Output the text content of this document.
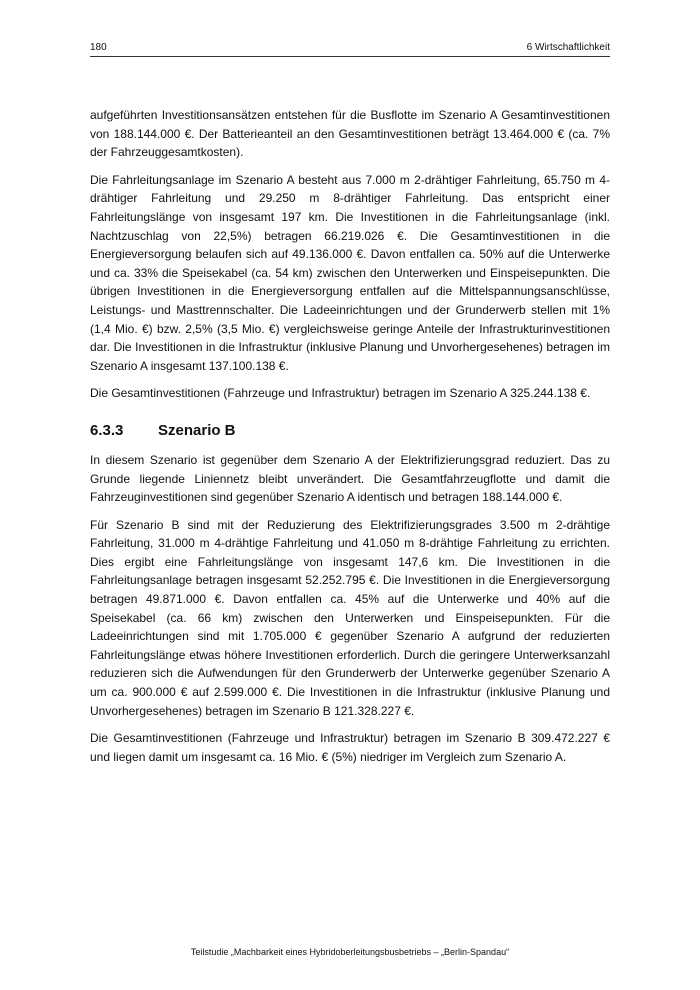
180	6 Wirtschaftlichkeit

aufgeführten Investitionsansätzen entstehen für die Busflotte im Szenario A Gesamtinvestitionen von 188.144.000 €. Der Batterieanteil an den Gesamtinvestitionen beträgt 13.464.000 € (ca. 7% der Fahrzeuggesamtkosten).

Die Fahrleitungsanlage im Szenario A besteht aus 7.000 m 2-drähtiger Fahrleitung, 65.750 m 4-drähtiger Fahrleitung und 29.250 m 8-drähtiger Fahrleitung. Das entspricht einer Fahrleitungslänge von insgesamt 197 km. Die Investitionen in die Fahrleitungsanlage (inkl. Nachtzuschlag von 22,5%) betragen 66.219.026 €. Die Gesamtinvestitionen in die Energieversorgung belaufen sich auf 49.136.000 €. Davon entfallen ca. 50% auf die Unterwerke und ca. 33% die Speisekabel (ca. 54 km) zwischen den Unterwerken und Einspeisepunkten. Die übrigen Investitionen in die Energieversorgung entfallen auf die Mittelspannungsanschlüsse, Leistungs- und Masttrennschalter. Die Ladeeinrichtungen und der Grunderwerb stellen mit 1% (1,4 Mio. €) bzw. 2,5% (3,5 Mio. €) vergleichsweise geringe Anteile der Infrastrukturinvestitionen dar. Die Investitionen in die Infrastruktur (inklusive Planung und Unvorhergesehenes) betragen im Szenario A insgesamt 137.100.138 €.

Die Gesamtinvestitionen (Fahrzeuge und Infrastruktur) betragen im Szenario A 325.244.138 €.

6.3.3 Szenario B

In diesem Szenario ist gegenüber dem Szenario A der Elektrifizierungsgrad reduziert. Das zu Grunde liegende Liniennetz bleibt unverändert. Die Gesamtfahrzeugflotte und damit die Fahrzeuginvestitionen sind gegenüber Szenario A identisch und betragen 188.144.000 €.

Für Szenario B sind mit der Reduzierung des Elektrifizierungsgrades 3.500 m 2-drähtige Fahrleitung, 31.000 m 4-drähtige Fahrleitung und 41.050 m 8-drähtige Fahrleitung zu errichten. Dies ergibt eine Fahrleitungslänge von insgesamt 147,6 km. Die Investitionen in die Fahrleitungsanlage betragen insgesamt 52.252.795 €. Die Investitionen in die Energieversorgung betragen 49.871.000 €. Davon entfallen ca. 45% auf die Unterwerke und 40% auf die Speisekabel (ca. 66 km) zwischen den Unterwerken und Einspeisepunkten. Für die Ladeeinrichtungen sind mit 1.705.000 € gegenüber Szenario A aufgrund der reduzierten Fahrleitungslänge etwas höhere Investitionen erforderlich. Durch die geringere Unterwerksanzahl reduzieren sich die Aufwendungen für den Grunderwerb der Unterwerke gegenüber Szenario A um ca. 900.000 € auf 2.599.000 €. Die Investitionen in die Infrastruktur (inklusive Planung und Unvorhergesehenes) betragen im Szenario B 121.328.227 €.

Die Gesamtinvestitionen (Fahrzeuge und Infrastruktur) betragen im Szenario B 309.472.227 € und liegen damit um insgesamt ca. 16 Mio. € (5%) niedriger im Vergleich zum Szenario A.

Teilstudie „Machbarkeit eines Hybridoberleitungsbusbetriebs – „Berlin-Spandau“
